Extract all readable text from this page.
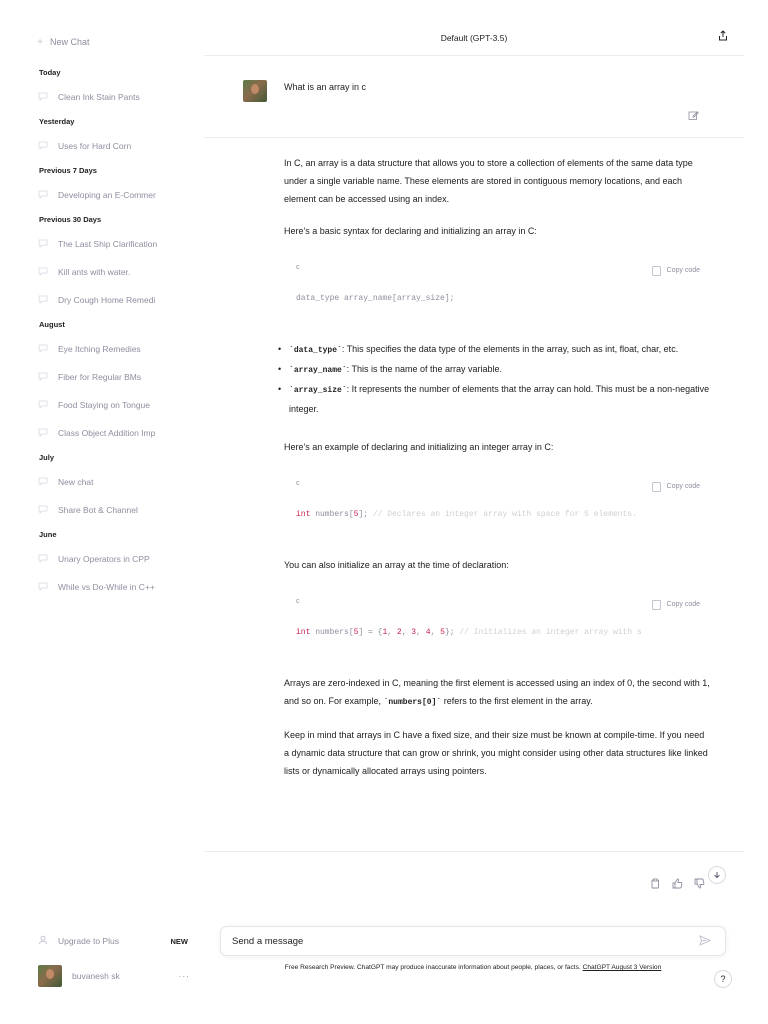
+ New Chat
Today
Clean Ink Stain Pants
Yesterday
Uses for Hard Corn
Previous 7 Days
Developing an E-Commer
Previous 30 Days
The Last Ship Clarification
Kill ants with water.
Dry Cough Home Remedi
August
Eye Itching Remedies
Fiber for Regular BMs
Food Staying on Tongue
Class Object Addition Imp
July
New chat
Share Bot & Channel
June
Unary Operators in CPP
While vs Do-While in C++
Upgrade to Plus	NEW
buvanesh sk	···
Default (GPT-3.5)
What is an array in c

In C, an array is a data structure that allows you to store a collection of elements of the same data type under a single variable name. These elements are stored in contiguous memory locations, and each element can be accessed using an index.

Here's a basic syntax for declaring and initializing an array in C:

c	Copy code
data_type array_name[array_size];
• `data_type`: This specifies the data type of the elements in the array, such as int, float, char, etc.
• `array_name`: This is the name of the array variable.
• `array_size`: It represents the number of elements that the array can hold. This must be a non-negative integer.

Here's an example of declaring and initializing an integer array in C:

c	Copy code
int numbers[5]; // Declares an integer array with space for 5 elements.

You can also initialize an array at the time of declaration:

c	Copy code
int numbers[5] = {1, 2, 3, 4, 5}; // Initializes an integer array with s

Arrays are zero-indexed in C, meaning the first element is accessed using an index of 0, the second with 1, and so on. For example, `numbers[0]` refers to the first element in the array.

Keep in mind that arrays in C have a fixed size, and their size must be known at compile-time. If you need a dynamic data structure that can grow or shrink, you might consider using other data structures like linked lists or dynamically allocated arrays using pointers.

Send a message
Free Research Preview. ChatGPT may produce inaccurate information about people, places, or facts. ChatGPT August 3 Version
?
